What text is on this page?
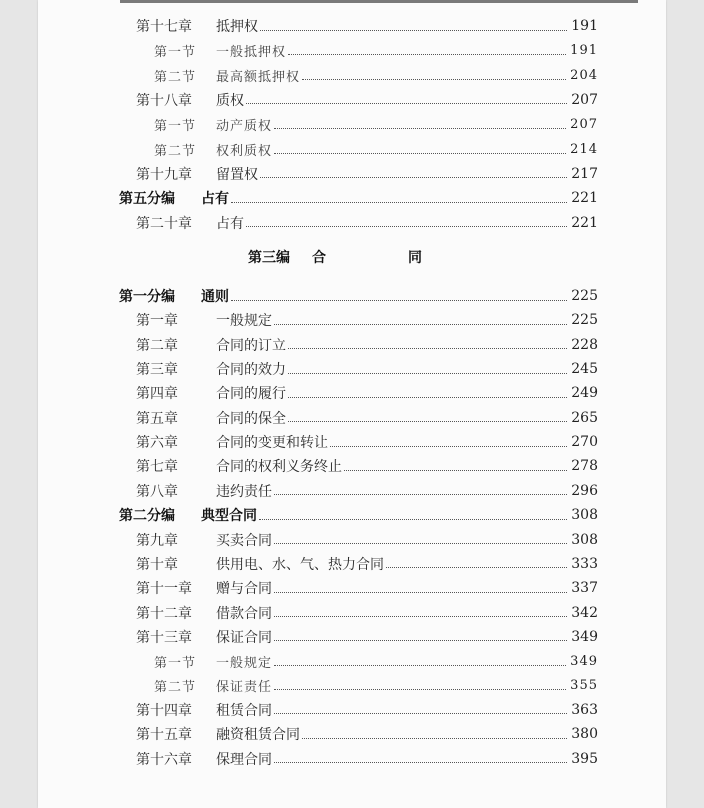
第十七章	抵押权	191
第一节	一般抵押权	191
第二节	最高额抵押权	204
第十八章	质权	207
第一节	动产质权	207
第二节	权利质权	214
第十九章	留置权	217
第五分编	占有	221
第二十章	占有	221
第一分编	通则	225
第一章	一般规定	225
第二章	合同的订立	228
第三章	合同的效力	245
第四章	合同的履行	249
第五章	合同的保全	265
第六章	合同的变更和转让	270
第七章	合同的权利义务终止	278
第八章	违约责任	296
第二分编	典型合同	308
第九章	买卖合同	308
第十章	供用电、水、气、热力合同	333
第十一章	赠与合同	337
第十二章	借款合同	342
第十三章	保证合同	349
第一节	一般规定	349
第二节	保证责任	355
第十四章	租赁合同	363
第十五章	融资租赁合同	380
第十六章	保理合同	395
第三编 合　同
